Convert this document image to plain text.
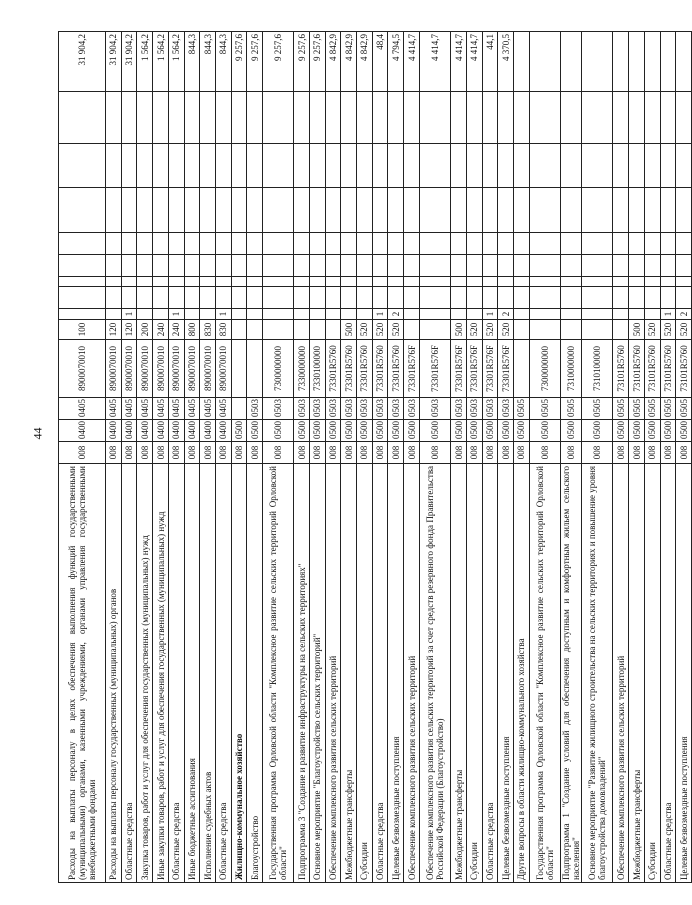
44
Расходы на выплаты персоналу в целях обеспечения выполнения функций государственными (муниципальными) органами, казенными учреждениями, органами управления государственными внебюджетными фондами	008	0400	0405	8900070010	100									31 904,2
Расходы на выплаты персоналу государственных (муниципальных) органов	008	0400	0405	8900070010	120									31 904,2
Областные средства	008	0400	0405	8900070010	120	1								31 904,2
Закупка товаров, работ и услуг для обеспечения государственных (муниципальных) нужд	008	0400	0405	8900070010	200									1 564,2
Иные закупки товаров, работ и услуг для обеспечения государственных (муниципальных) нужд	008	0400	0405	8900070010	240									1 564,2
Областные средства	008	0400	0405	8900070010	240	1								1 564,2
Иные бюджетные ассигнования	008	0400	0405	8900070010	800									844,3
Исполнение судебных актов	008	0400	0405	8900070010	830									844,3
Областные средства	008	0400	0405	8900070010	830	1								844,3
Жилищно-коммунальное хозяйство	008	0500												9 257,6
Благоустройство	008	0500	0503											9 257,6
Государственная программа Орловской области "Комплексное развитие сельских территорий Орловской области"	008	0500	0503	7300000000										9 257,6
Подпрограмма 3 "Создание и развитие инфраструктуры на сельских территориях"	008	0500	0503	7330000000										9 257,6
Основное мероприятие "Благоустройство сельских территорий"	008	0500	0503	7330100000										9 257,6
Обеспечение комплексного развития сельских территорий	008	0500	0503	73301R5760										4 842,9
Межбюджетные трансферты	008	0500	0503	73301R5760	500									4 842,9
Субсидии	008	0500	0503	73301R5760	520									4 842,9
Областные средства	008	0500	0503	73301R5760	520	1								48,4
Целевые безвозмездные поступления	008	0500	0503	73301R5760	520	2								4 794,5
Обеспечение комплексного развития сельских территорий	008	0500	0503	73301R576F										4 414,7
Обеспечение комплексного развития сельских территорий за счет средств резервного фонда Правительства Российской Федерации (Благоустройство)	008	0500	0503	73301R576F										4 414,7
Межбюджетные трансферты	008	0500	0503	73301R576F	500									4 414,7
Субсидии	008	0500	0503	73301R576F	520									4 414,7
Областные средства	008	0500	0503	73301R576F	520	1								44,1
Целевые безвозмездные поступления	008	0500	0503	73301R576F	520	2								4 370,5
Другие вопросы в области жилищно-коммунального хозяйства	008	0500	0505											
Государственная программа Орловской области "Комплексное развитие сельских территорий Орловской области"	008	0500	0505	7300000000										
Подпрограмма 1 "Создание условий для обеспечения доступным и комфортным жильем сельского населения"	008	0500	0505	7310000000										
Основное мероприятие "Развитие жилищного строительства на сельских территориях и повышение уровня благоустройства домовладений"	008	0500	0505	7310100000										
Обеспечение комплексного развития сельских территорий	008	0500	0505	73101R5760										
Межбюджетные трансферты	008	0500	0505	73101R5760	500									
Субсидии	008	0500	0505	73101R5760	520									
Областные средства	008	0500	0505	73101R5760	520	1								
Целевые безвозмездные поступления	008	0500	0505	73101R5760	520	2								
